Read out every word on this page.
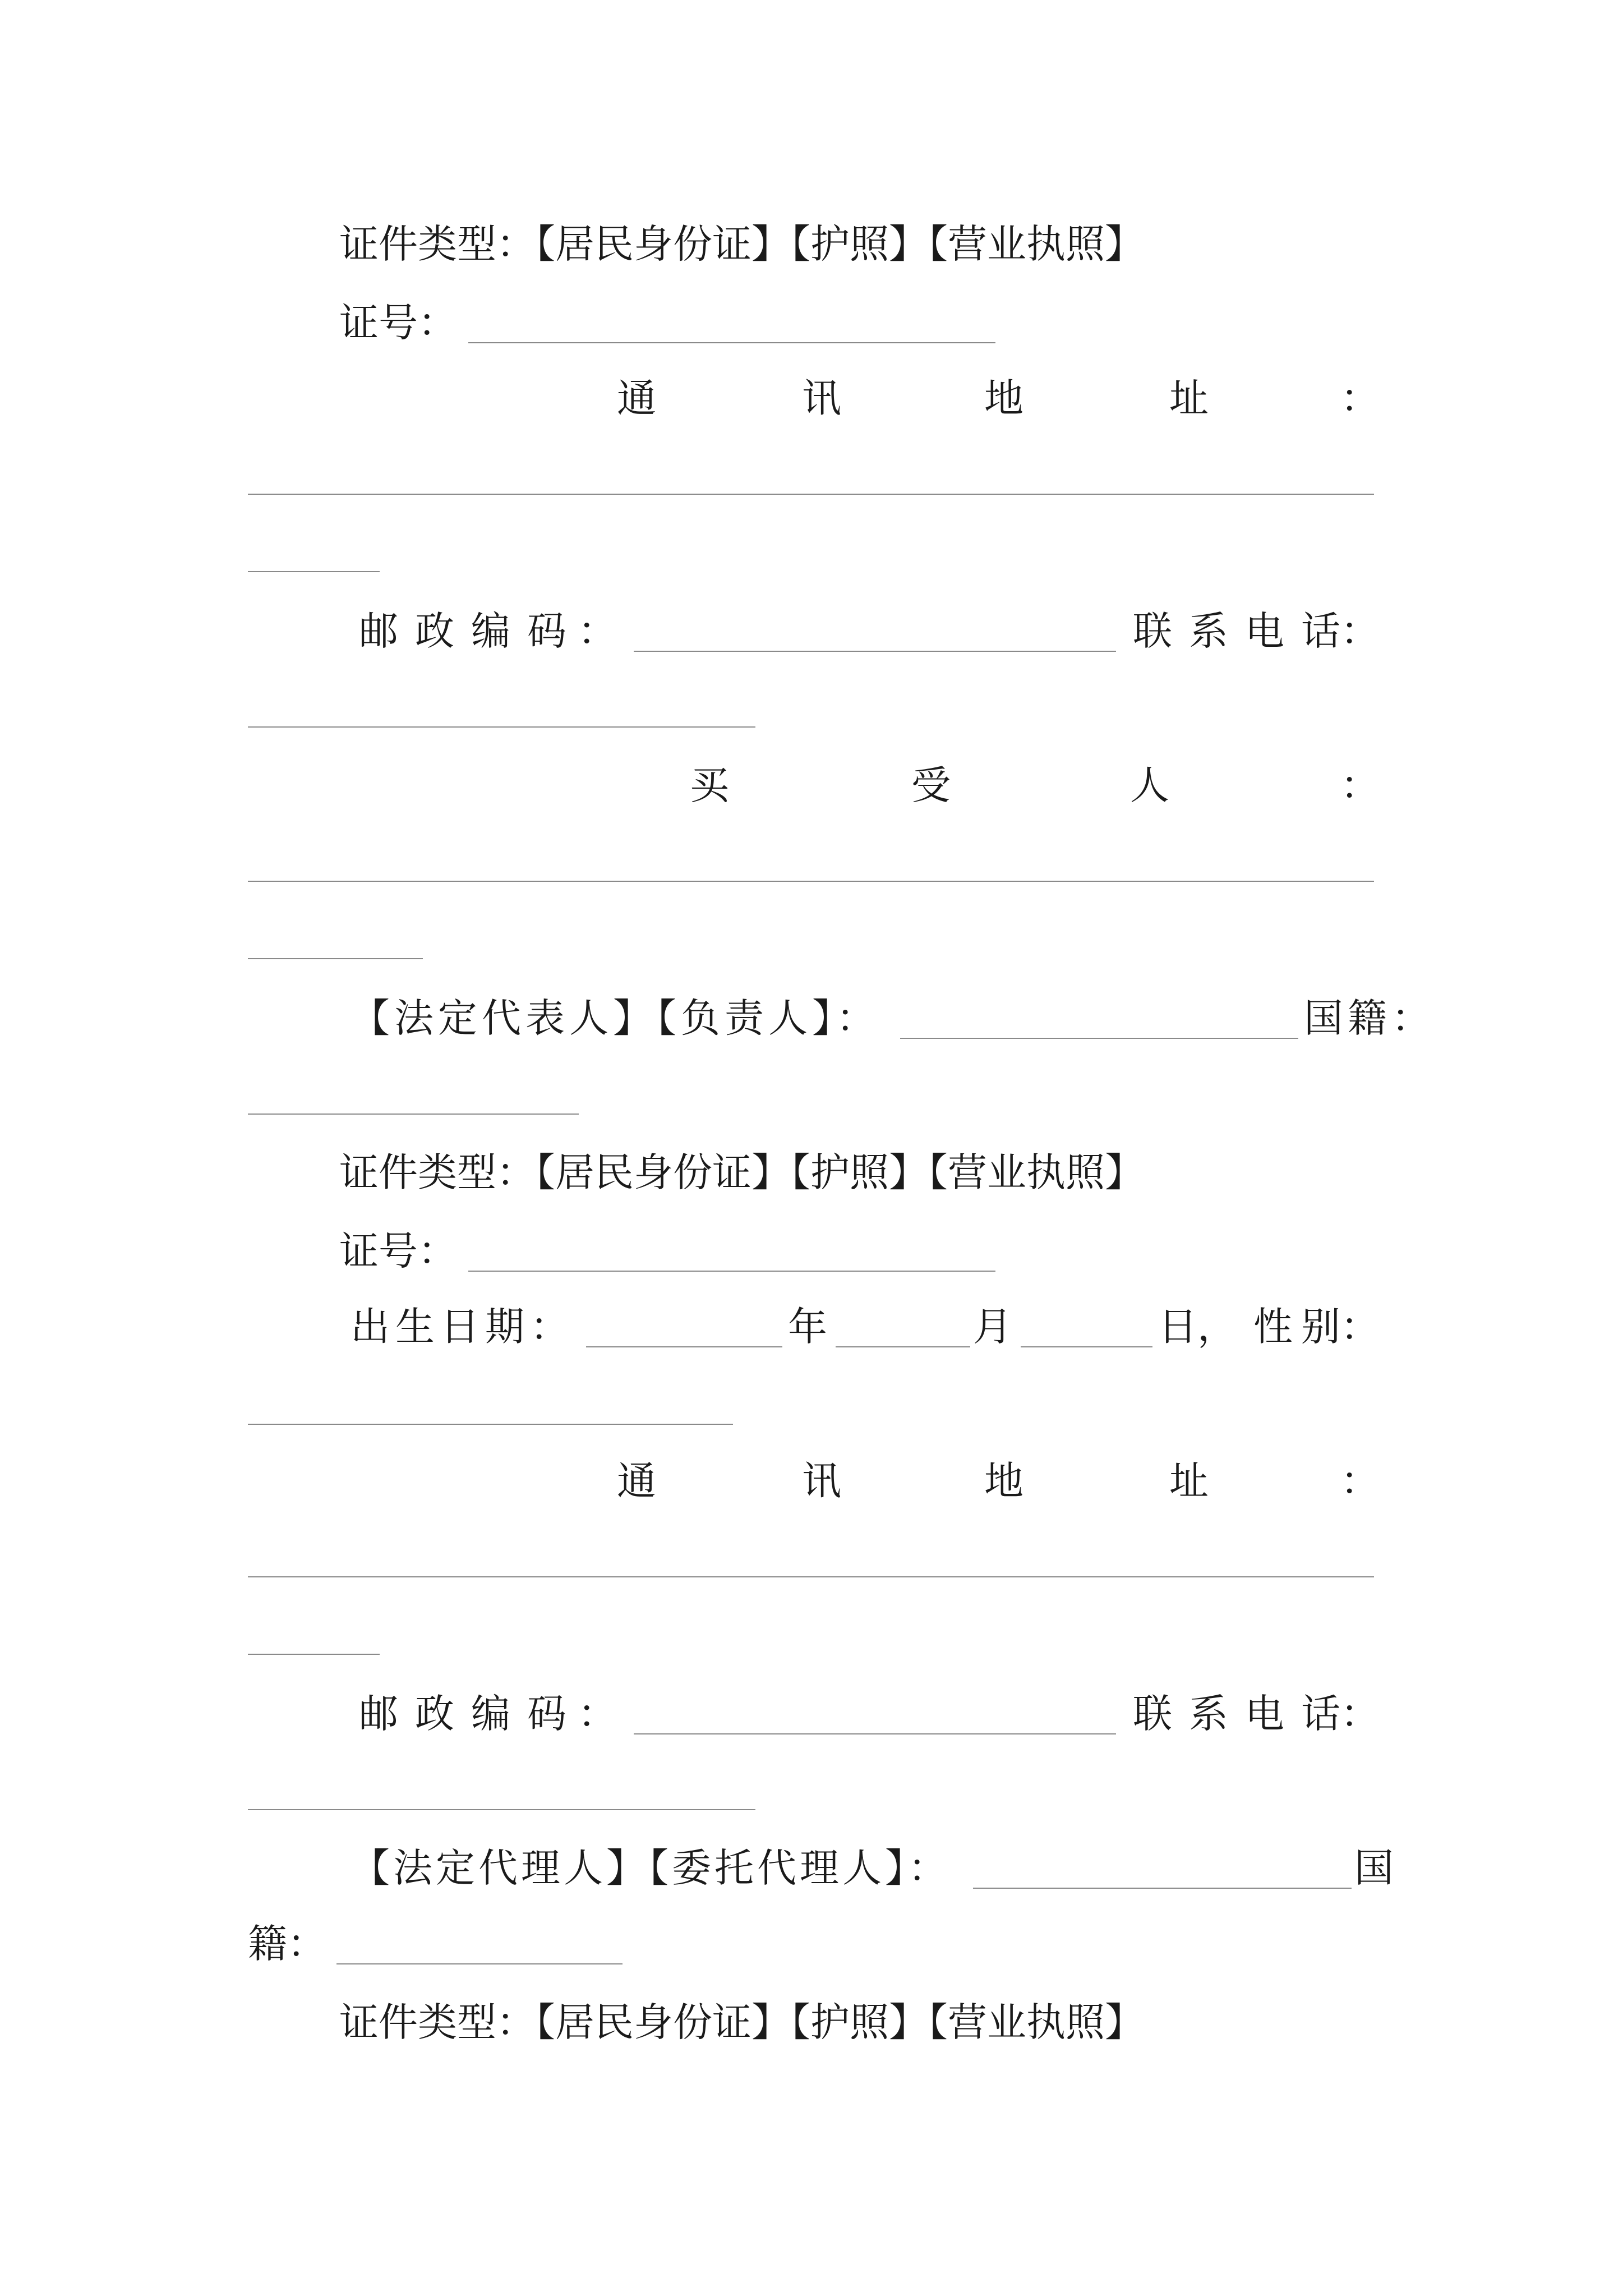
证件类型：【居民身份证】【护照】【营业执照】
证号：
通	讯	地	址	：
邮 政 编 码 ：	联 系 电 话 ：
买	受	人	：
【法定代表人】【负责人】：	国籍：
证件类型：【居民身份证】【护照】【营业执照】
证号：
出 生 日 期 ：	年	月	日， 性 别 ：
通	讯	地	址	：
邮 政 编 码 ：	联 系 电 话 ：
【法定代理人】【委托代理人】：	国
籍：
证件类型：【居民身份证】【护照】【营业执照】
